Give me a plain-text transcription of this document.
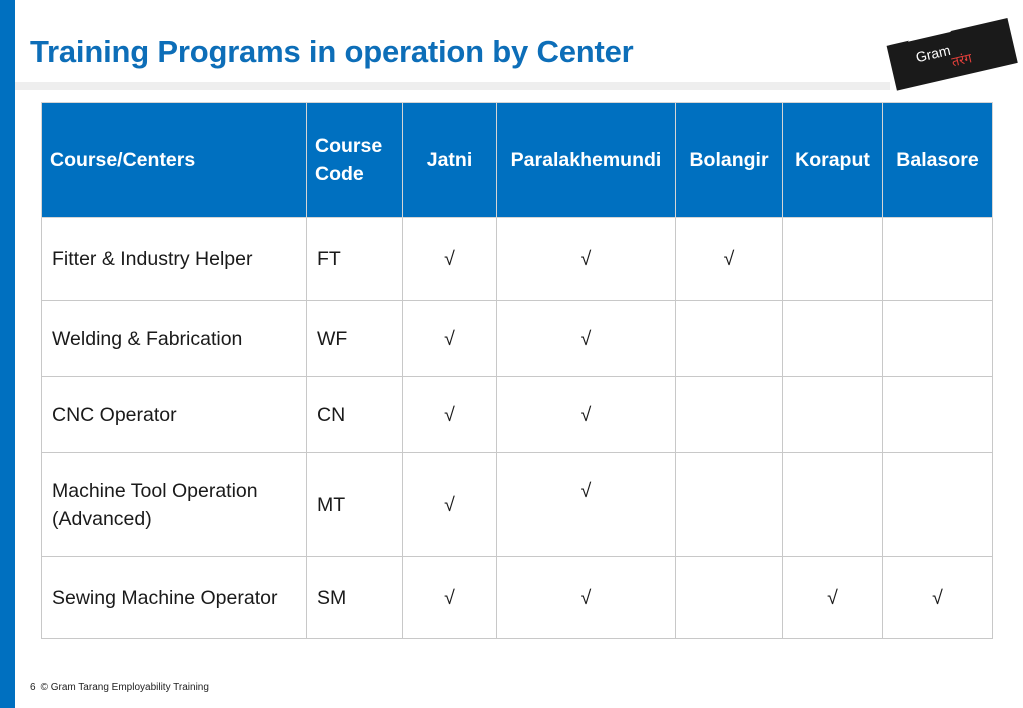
Training Programs in operation by Center	Gram
तरंग
Course/Centers	Course Code	Jatni	Paralakhemundi	Bolangir	Koraput	Balasore
Fitter & Industry Helper	FT	√	√	√		
Welding & Fabrication	WF	√	√			
CNC Operator	CN	√	√			
Machine Tool Operation (Advanced)	MT	√	√			
Sewing Machine Operator	SM	√	√		√	√
6 © Gram Tarang Employability Training
